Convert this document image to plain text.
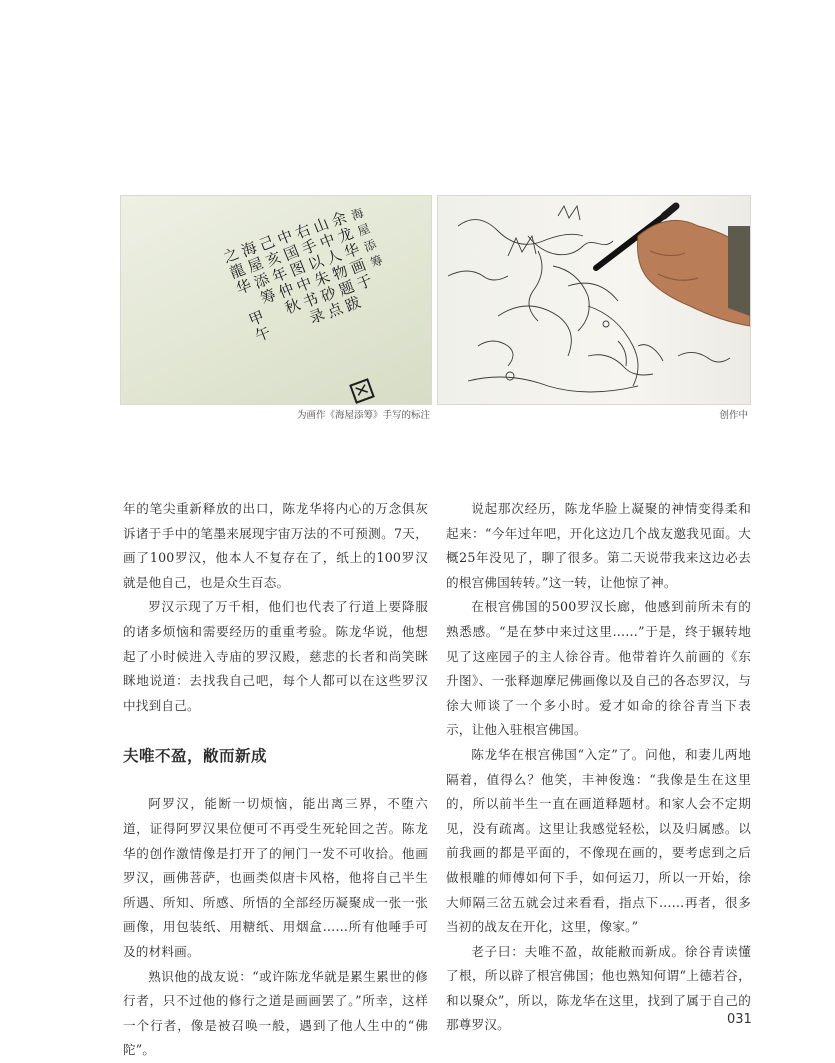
海
屋
添
筹
余
龙
华
画
于
山
中
人
物
题
跋
右
手
以
朱
砂
点
中
国
图
中
书
录
己
亥
年
仲
秋
海
屋
添
筹
之
龍
华
甲
午
为画作《海屋添筹》手写的标注	创作中

年的笔尖重新释放的出口，陈龙华将内心的万念俱灰诉诸于手中的笔墨来展现宇宙万法的不可预测。7天，画了100罗汉，他本人不复存在了，纸上的100罗汉就是他自己，也是众生百态。

罗汉示现了万千相，他们也代表了行道上要降服的诸多烦恼和需要经历的重重考验。陈龙华说，他想起了小时候进入寺庙的罗汉殿，慈悲的长者和尚笑眯眯地说道：去找我自己吧，每个人都可以在这些罗汉中找到自己。

夫唯不盈，敝而新成

阿罗汉，能断一切烦恼，能出离三界，不堕六道，证得阿罗汉果位便可不再受生死轮回之苦。陈龙华的创作激情像是打开了的闸门一发不可收拾。他画罗汉，画佛菩萨，也画类似唐卡风格，他将自己半生所遇、所知、所感、所悟的全部经历凝聚成一张一张画像，用包装纸、用糖纸、用烟盒……所有他唾手可及的材料画。

熟识他的战友说：“或许陈龙华就是累生累世的修行者，只不过他的修行之道是画画罢了。”所幸，这样一个行者，像是被召唤一般，遇到了他人生中的“佛陀”。

说起那次经历，陈龙华脸上凝聚的神情变得柔和起来：“今年过年吧，开化这边几个战友邀我见面。大概25年没见了，聊了很多。第二天说带我来这边必去的根宫佛国转转。”这一转，让他惊了神。

在根宫佛国的500罗汉长廊，他感到前所未有的熟悉感。“是在梦中来过这里……”于是，终于辗转地见了这座园子的主人徐谷青。他带着许久前画的《东升图》、一张释迦摩尼佛画像以及自己的各态罗汉，与徐大师谈了一个多小时。爱才如命的徐谷青当下表示，让他入驻根宫佛国。

陈龙华在根宫佛国“入定”了。问他，和妻儿两地隔着，值得么？他笑，丰神俊逸：“我像是生在这里的，所以前半生一直在画道释题材。和家人会不定期见，没有疏离。这里让我感觉轻松，以及归属感。以前我画的都是平面的，不像现在画的，要考虑到之后做根雕的师傅如何下手，如何运刀，所以一开始，徐大师隔三岔五就会过来看看，指点下……再者，很多当初的战友在开化，这里，像家。”

老子曰：夫唯不盈，故能敝而新成。徐谷青读懂了根，所以辟了根宫佛国；他也熟知何谓“上德若谷，和以聚众”，所以，陈龙华在这里，找到了属于自己的那尊罗汉。	031
